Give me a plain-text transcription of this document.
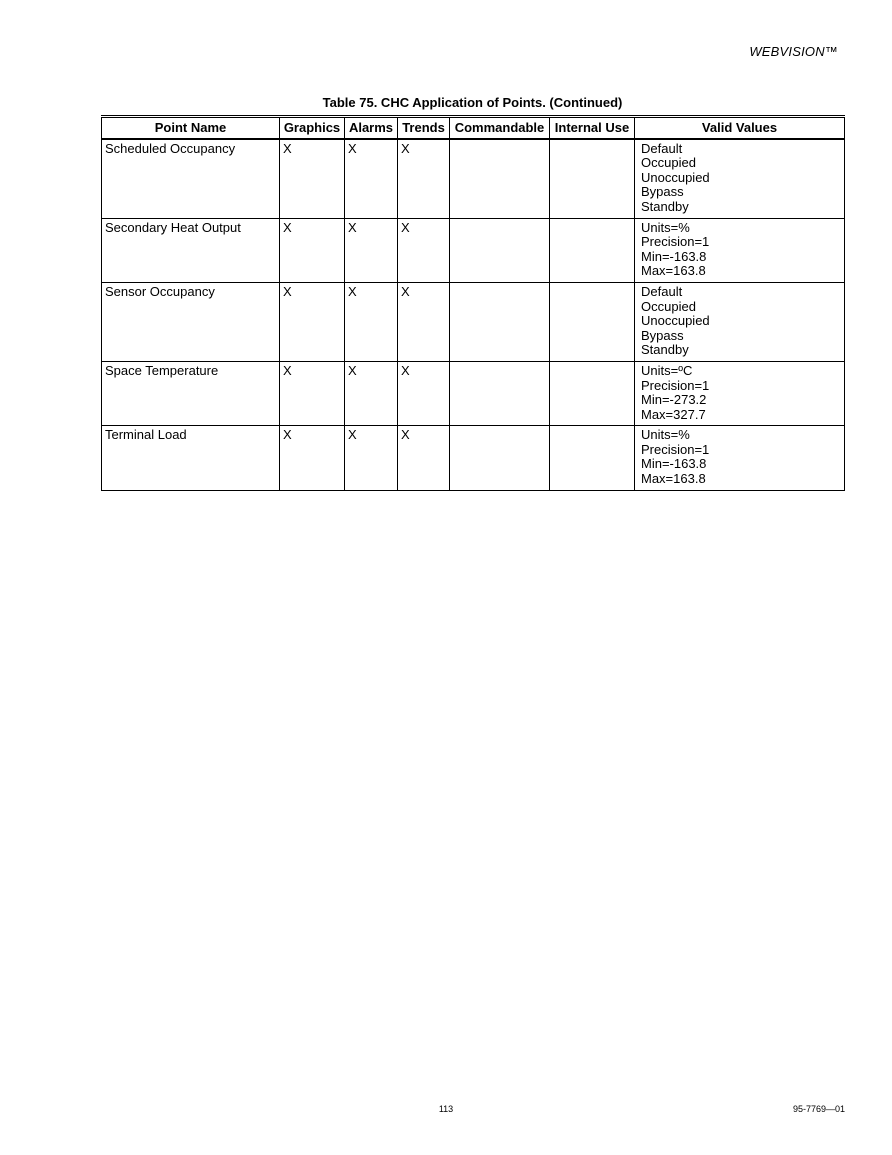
WEBVISION™
Table 75. CHC Application of Points. (Continued)
Point Name	Graphics	Alarms	Trends	Commandable	Internal Use	Valid Values
Scheduled Occupancy	X	X	X			Default
Occupied
Unoccupied
Bypass
Standby

Secondary Heat Output	X	X	X			Units=%
Precision=1
Min=-163.8
Max=163.8

Sensor Occupancy	X	X	X			Default
Occupied
Unoccupied
Bypass
Standby

Space Temperature	X	X	X			Units=ºC
Precision=1
Min=-273.2
Max=327.7

Terminal Load	X	X	X			Units=%
Precision=1
Min=-163.8
Max=163.8
113	95-7769—01
